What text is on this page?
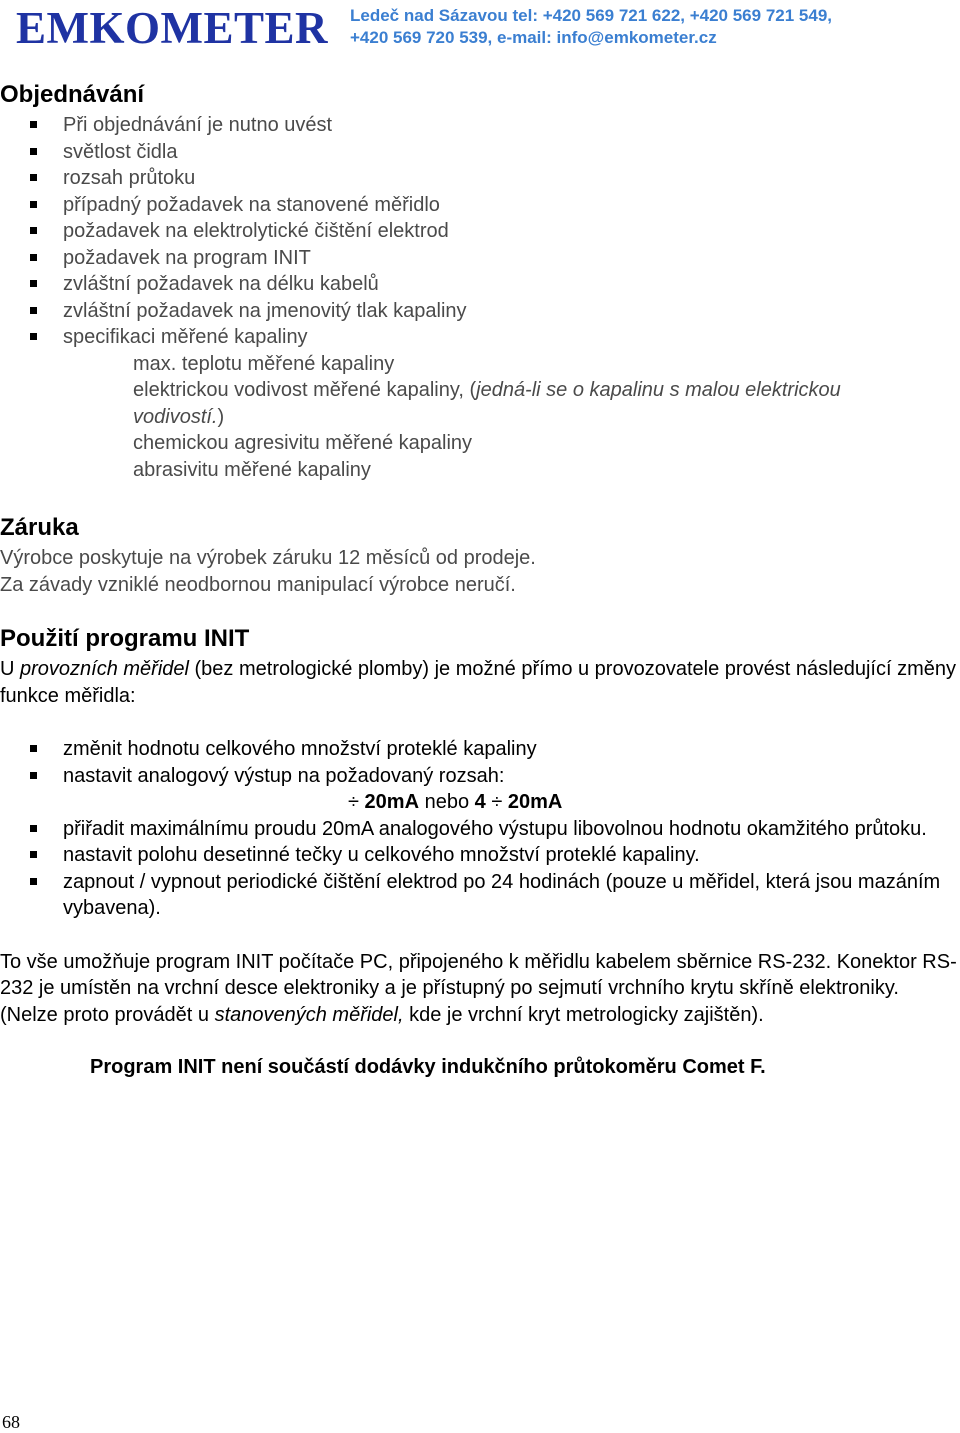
EMKOMETER Ledeč nad Sázavou tel: +420 569 721 622, +420 569 721 549,
+420 569 720 539, e-mail: info@emkometer.cz
Objednávání
Při objednávání je nutno uvést
světlost čidla
rozsah průtoku
případný požadavek na stanovené měřidlo
požadavek na elektrolytické čištění elektrod
požadavek na program INIT
zvláštní požadavek na délku kabelů
zvláštní požadavek na jmenovitý tlak kapaliny
specifikaci měřené kapaliny
max. teplotu měřené kapaliny
elektrickou vodivost měřené kapaliny, (jedná-li se o kapalinu s malou elektrickou
vodivostí.)
chemickou agresivitu měřené kapaliny
abrasivitu měřené kapaliny
Záruka

Výrobce poskytuje na výrobek záruku 12 měsíců od prodeje.

Za závady vzniklé neodbornou manipulací výrobce neručí.

Použití programu INIT

U provozních měřidel (bez metrologické plomby) je možné přímo u provozovatele provést následující změny funkce měřidla:

změnit hodnotu celkového množství proteklé kapaliny
nastavit analogový výstup na požadovaný rozsah:
÷ 20mA nebo 4 ÷ 20mA
přiřadit maximálnímu proudu 20mA analogového výstupu libovolnou hodnotu okamžitého průtoku.
nastavit polohu desetinné tečky u celkového množství proteklé kapaliny.
zapnout / vypnout periodické čištění elektrod po 24 hodinách (pouze u měřidel, která jsou mazáním vybavena).

To vše umožňuje program INIT počítače PC, připojeného k měřidlu kabelem sběrnice RS-232. Konektor RS-232 je umístěn na vrchní desce elektroniky a je přístupný po sejmutí vrchního krytu skříně elektroniky. (Nelze proto provádět u stanovených měřidel, kde je vrchní kryt metrologicky zajištěn).

Program INIT není součástí dodávky indukčního průtokoměru Comet F.
68
